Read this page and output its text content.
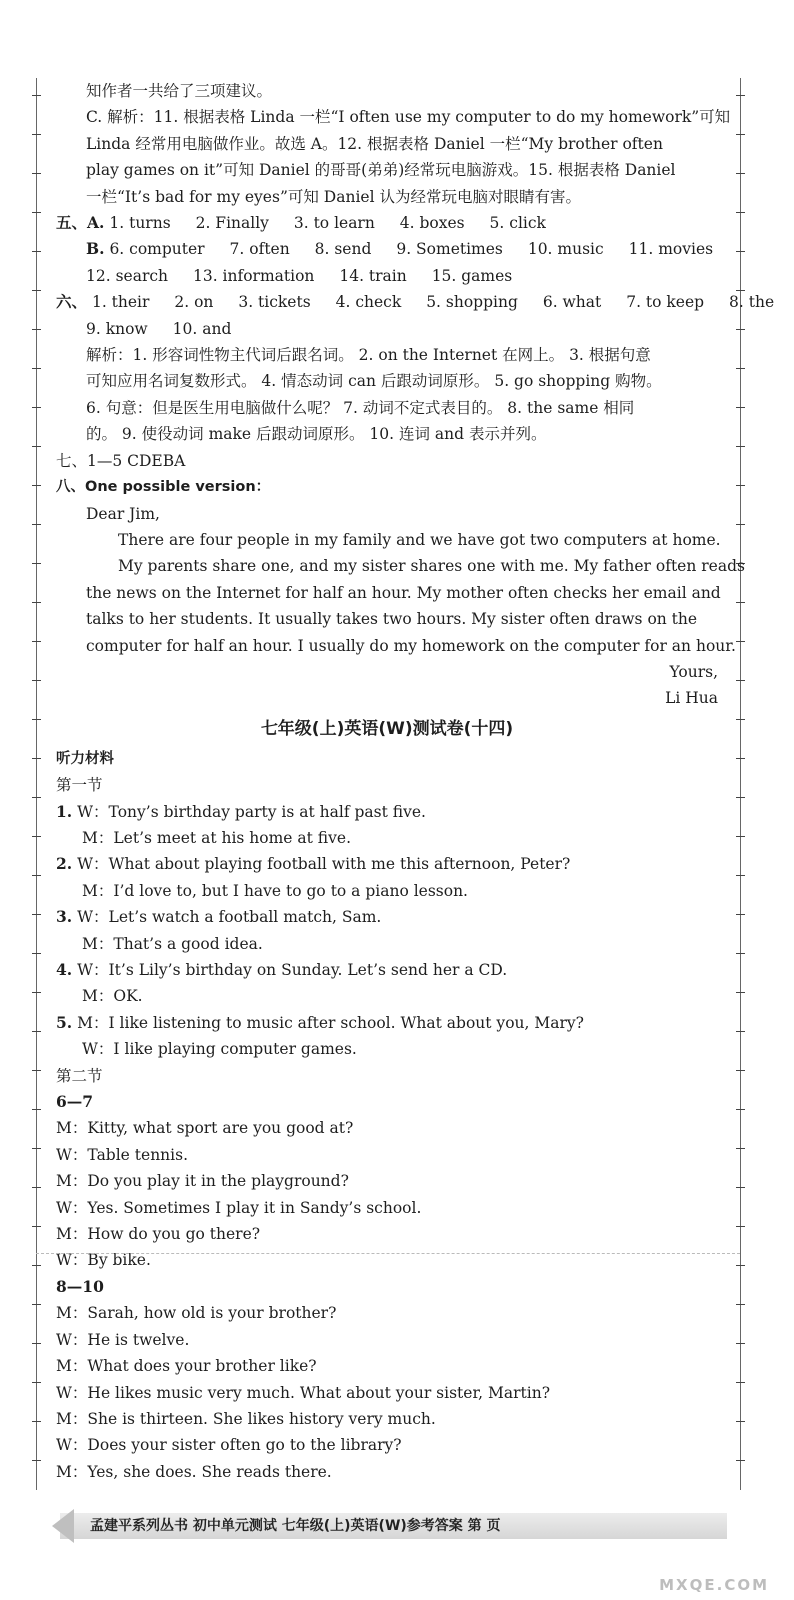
知作者一共给了三项建议。
C. 解析：11. 根据表格 Linda 一栏“I often use my computer to do my homework”可知
Linda 经常用电脑做作业。故选 A。12. 根据表格 Daniel 一栏“My brother often
play games on it”可知 Daniel 的哥哥(弟弟)经常玩电脑游戏。15. 根据表格 Daniel
一栏“It’s bad for my eyes”可知 Daniel 认为经常玩电脑对眼睛有害。
五、A. 1. turns 2. Finally 3. to learn 4. boxes 5. click
B. 6. computer 7. often 8. send 9. Sometimes 10. music 11. movies
12. search 13. information 14. train 15. games
六、 1. their 2. on 3. tickets 4. check 5. shopping 6. what 7. to keep 8. the
9. know 10. and
解析：1. 形容词性物主代词后跟名词。 2. on the Internet 在网上。 3. 根据句意
可知应用名词复数形式。 4. 情态动词 can 后跟动词原形。 5. go shopping 购物。
6. 句意：但是医生用电脑做什么呢？ 7. 动词不定式表目的。 8. the same 相同
的。 9. 使役动词 make 后跟动词原形。 10. 连词 and 表示并列。
七、1—5 CDEBA
八、One possible version：
Dear Jim,
There are four people in my family and we have got two computers at home.
My parents share one, and my sister shares one with me. My father often reads
the news on the Internet for half an hour. My mother often checks her email and
talks to her students. It usually takes two hours. My sister often draws on the
computer for half an hour. I usually do my homework on the computer for an hour.
Yours,
Li Hua
七年级(上)英语(W)测试卷(十四)
听力材料
第一节
1. W：Tony’s birthday party is at half past five.
M：Let’s meet at his home at five.
2. W：What about playing football with me this afternoon, Peter?
M：I’d love to, but I have to go to a piano lesson.
3. W：Let’s watch a football match, Sam.
M：That’s a good idea.
4. W：It’s Lily’s birthday on Sunday. Let’s send her a CD.
M：OK.
5. M：I like listening to music after school. What about you, Mary?
W：I like playing computer games.
第二节
6—7
M：Kitty, what sport are you good at?
W：Table tennis.
M：Do you play it in the playground?
W：Yes. Sometimes I play it in Sandy’s school.
M：How do you go there?
W：By bike.
8—10
M：Sarah, how old is your brother?
W：He is twelve.
M：What does your brother like?
W：He likes music very much. What about your sister, Martin?
M：She is thirteen. She likes history very much.
W：Does your sister often go to the library?
M：Yes, she does. She reads there.
孟建平系列丛书 初中单元测试 七年级(上)英语(W)参考答案 第 页
MXQE.COM
